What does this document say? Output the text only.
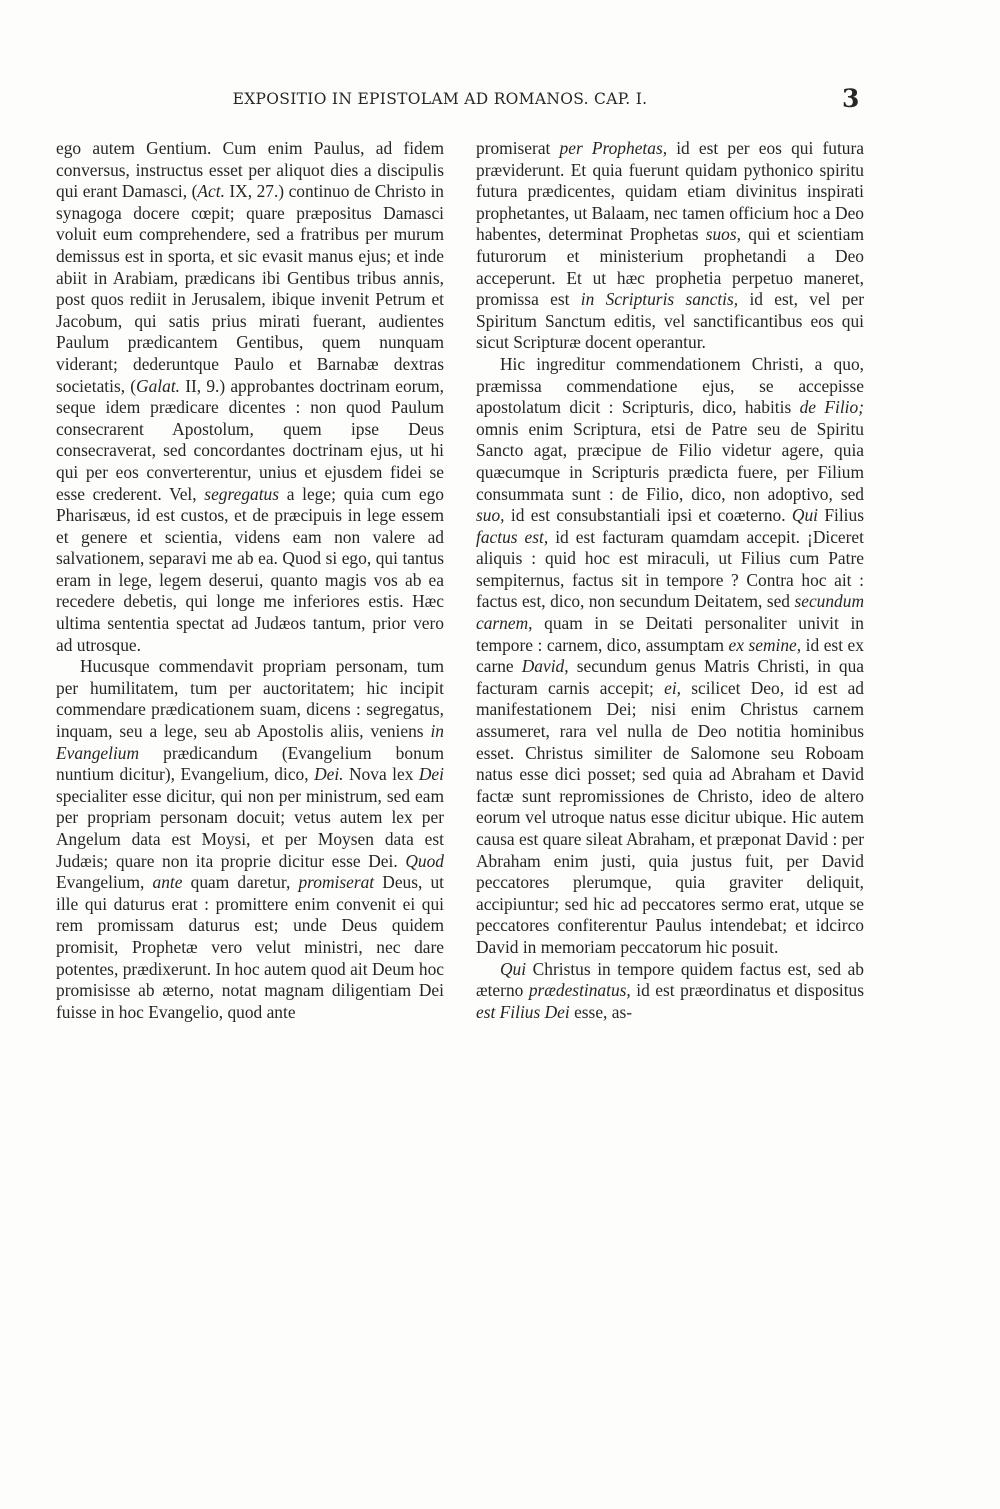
EXPOSITIO IN EPISTOLAM AD ROMANOS. CAP. I.	3

ego autem Gentium. Cum enim Paulus, ad fidem conversus, instructus esset per aliquot dies a discipulis qui erant Damasci, (Act. IX, 27.) continuo de Christo in synagoga docere cœpit; quare præpositus Damasci voluit eum comprehendere, sed a fratribus per murum demissus est in sporta, et sic evasit manus ejus; et inde abiit in Arabiam, prædicans ibi Gentibus tribus annis, post quos rediit in Jerusalem, ibique invenit Petrum et Jacobum, qui satis prius mirati fuerant, audientes Paulum prædicantem Gentibus, quem nunquam viderant; dederuntque Paulo et Barnabæ dextras societatis, (Galat. II, 9.) approbantes doctrinam eorum, seque idem prædicare dicentes : non quod Paulum consecrarent Apostolum, quem ipse Deus consecraverat, sed concordantes doctrinam ejus, ut hi qui per eos converterentur, unius et ejusdem fidei se esse crederent. Vel, segregatus a lege; quia cum ego Pharisæus, id est custos, et de præcipuis in lege essem et genere et scientia, videns eam non valere ad salvationem, separavi me ab ea. Quod si ego, qui tantus eram in lege, legem deserui, quanto magis vos ab ea recedere debetis, qui longe me inferiores estis. Hæc ultima sententia spectat ad Judæos tantum, prior vero ad utrosque.

Hucusque commendavit propriam personam, tum per humilitatem, tum per auctoritatem; hic incipit commendare prædicationem suam, dicens : segregatus, inquam, seu a lege, seu ab Apostolis aliis, veniens in Evangelium prædicandum (Evangelium bonum nuntium dicitur), Evangelium, dico, Dei. Nova lex Dei specialiter esse dicitur, qui non per ministrum, sed eam per propriam personam docuit; vetus autem lex per Angelum data est Moysi, et per Moysen data est Judæis; quare non ita proprie dicitur esse Dei. Quod Evangelium, ante quam daretur, promiserat Deus, ut ille qui daturus erat : promittere enim convenit ei qui rem promissam daturus est; unde Deus quidem promisit, Prophetæ vero velut ministri, nec dare potentes, prædixerunt. In hoc autem quod ait Deum hoc promisisse ab æterno, notat magnam diligentiam Dei fuisse in hoc Evangelio, quod ante

promiserat per Prophetas, id est per eos qui futura præviderunt. Et quia fuerunt quidam pythonico spiritu futura prædicentes, quidam etiam divinitus inspirati prophetantes, ut Balaam, nec tamen officium hoc a Deo habentes, determinat Prophetas suos, qui et scientiam futurorum et ministerium prophetandi a Deo acceperunt. Et ut hæc prophetia perpetuo maneret, promissa est in Scripturis sanctis, id est, vel per Spiritum Sanctum editis, vel sanctificantibus eos qui sicut Scripturæ docent operantur.

Hic ingreditur commendationem Christi, a quo, præmissa commendatione ejus, se accepisse apostolatum dicit : Scripturis, dico, habitis de Filio; omnis enim Scriptura, etsi de Patre seu de Spiritu Sancto agat, præcipue de Filio videtur agere, quia quæcumque in Scripturis prædicta fuere, per Filium consummata sunt : de Filio, dico, non adoptivo, sed suo, id est consubstantiali ipsi et coæterno. Qui Filius factus est, id est facturam quamdam accepit. ¡Diceret aliquis : quid hoc est miraculi, ut Filius cum Patre sempiternus, factus sit in tempore ? Contra hoc ait : factus est, dico, non secundum Deitatem, sed secundum carnem, quam in se Deitati personaliter univit in tempore : carnem, dico, assumptam ex semine, id est ex carne David, secundum genus Matris Christi, in qua facturam carnis accepit; ei, scilicet Deo, id est ad manifestationem Dei; nisi enim Christus carnem assumeret, rara vel nulla de Deo notitia hominibus esset. Christus similiter de Salomone seu Roboam natus esse dici posset; sed quia ad Abraham et David factæ sunt repromissiones de Christo, ideo de altero eorum vel utroque natus esse dicitur ubique. Hic autem causa est quare sileat Abraham, et præponat David : per Abraham enim justi, quia justus fuit, per David peccatores plerumque, quia graviter deliquit, accipiuntur; sed hic ad peccatores sermo erat, utque se peccatores confiterentur Paulus intendebat; et idcirco David in memoriam peccatorum hic posuit.

Qui Christus in tempore quidem factus est, sed ab æterno prædestinatus, id est præordinatus et dispositus est Filius Dei esse, as-
